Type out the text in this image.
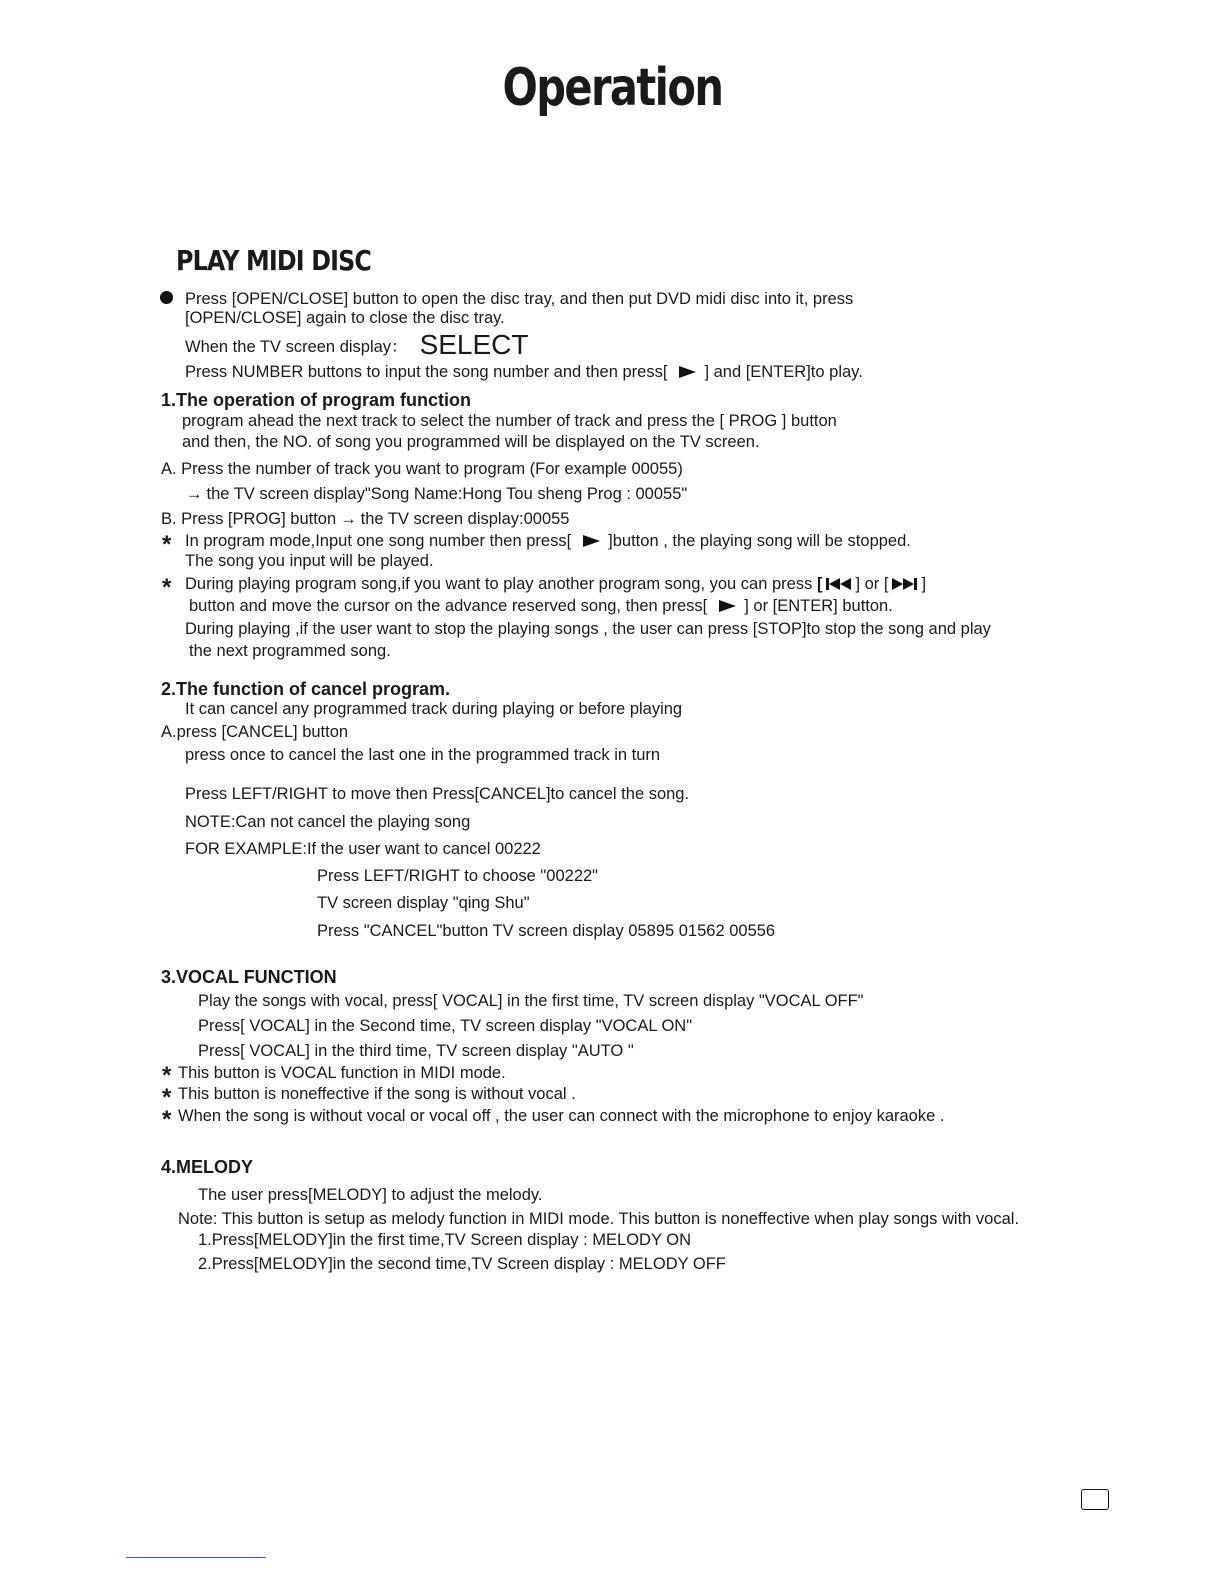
Operation
PLAY MIDI DISC
Press [OPEN/CLOSE] button to open the disc tray, and then put DVD midi disc into it, press
[OPEN/CLOSE] again to close the disc tray.
When the TV screen display： SELECT
Press NUMBER buttons to input the song number and then press[ ] and [ENTER]to play.
1.The operation of program function
program ahead the next track to select the number of track and press the [ PROG ] button
and then, the NO. of song you programmed will be displayed on the TV screen.
A. Press the number of track you want to program (For example 00055)
→ the TV screen display"Song Name:Hong Tou sheng Prog : 00055"
B. Press [PROG] button → the TV screen display:00055
* In program mode,Input one song number then press[ ]button , the playing song will be stopped.
The song you input will be played.
* During playing program song,if you want to play another program song, you can press [ ] or [ ]
button and move the cursor on the advance reserved song, then press[ ] or [ENTER] button.
During playing ,if the user want to stop the playing songs , the user can press [STOP]to stop the song and play
the next programmed song.
2.The function of cancel program.
It can cancel any programmed track during playing or before playing
A.press [CANCEL] button
press once to cancel the last one in the programmed track in turn
Press LEFT/RIGHT to move then Press[CANCEL]to cancel the song.
NOTE:Can not cancel the playing song
FOR EXAMPLE:If the user want to cancel 00222
Press LEFT/RIGHT to choose "00222"
TV screen display "qing Shu"
Press "CANCEL"button TV screen display 05895 01562 00556
3.VOCAL FUNCTION
Play the songs with vocal, press[ VOCAL] in the first time, TV screen display "VOCAL OFF"
Press[ VOCAL] in the Second time, TV screen display "VOCAL ON"
Press[ VOCAL] in the third time, TV screen display "AUTO "
* This button is VOCAL function in MIDI mode.
* This button is noneffective if the song is without vocal .
* When the song is without vocal or vocal off , the user can connect with the microphone to enjoy karaoke .
4.MELODY
The user press[MELODY] to adjust the melody.
Note: This button is setup as melody function in MIDI mode. This button is noneffective when play songs with vocal.
1.Press[MELODY]in the first time,TV Screen display : MELODY ON
2.Press[MELODY]in the second time,TV Screen display : MELODY OFF
